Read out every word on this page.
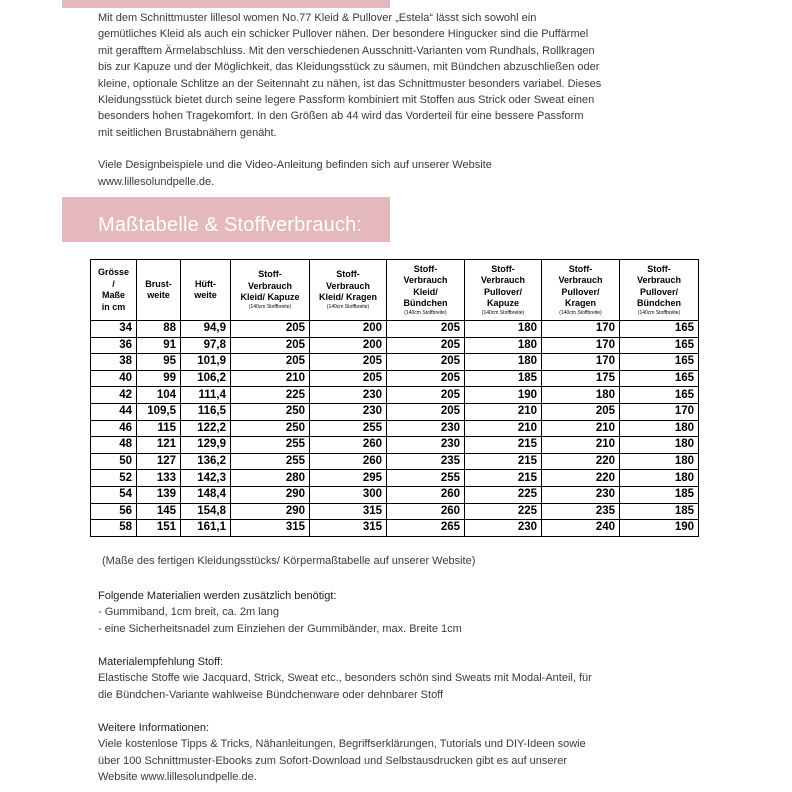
Mit dem Schnittmuster lillesol women No.77 Kleid & Pullover „Estela“ lässt sich sowohl ein
gemütliches Kleid als auch ein schicker Pullover nähen. Der besondere Hingucker sind die Puffärmel
mit gerafftem Ärmelabschluss. Mit den verschiedenen Ausschnitt-Varianten vom Rundhals, Rollkragen
bis zur Kapuze und der Möglichkeit, das Kleidungsstück zu säumen, mit Bündchen abzuschließen oder
kleine, optionale Schlitze an der Seitennaht zu nähen, ist das Schnittmuster besonders variabel. Dieses
Kleidungsstück bietet durch seine legere Passform kombiniert mit Stoffen aus Strick oder Sweat einen
besonders hohen Tragekomfort. In den Größen ab 44 wird das Vorderteil für eine bessere Passform
mit seitlichen Brustabnähern genäht.

Viele Designbeispiele und die Video-Anleitung befinden sich auf unserer Website
www.lillesolundpelle.de.

Maßtabelle & Stoffverbrauch:
Grösse
/
Maße
in cm	Brust-
weite	Hüft-
weite	Stoff-
Verbrauch
Kleid/ Kapuze

(140cm Stoffbreite)	Stoff-
Verbrauch
Kleid/ Kragen

(140cm Stoffbreite)	Stoff-
Verbrauch
Kleid/
Bündchen

(140cm Stoffbreite)	Stoff-
Verbrauch
Pullover/
Kapuze

(140cm Stoffbreite)	Stoff-
Verbrauch
Pullover/
Kragen

(140cm Stoffbreite)	Stoff-
Verbrauch
Pullover/
Bündchen

(140cm Stoffbreite)

34	88	94,9	205	200	205	180	170	165
36	91	97,8	205	200	205	180	170	165
38	95	101,9	205	205	205	180	170	165
40	99	106,2	210	205	205	185	175	165
42	104	111,4	225	230	205	190	180	165
44	109,5	116,5	250	230	205	210	205	170
46	115	122,2	250	255	230	210	210	180
48	121	129,9	255	260	230	215	210	180
50	127	136,2	255	260	235	215	220	180
52	133	142,3	280	295	255	215	220	180
54	139	148,4	290	300	260	225	230	185
56	145	154,8	290	315	260	225	235	185
58	151	161,1	315	315	265	230	240	190
(Maße des fertigen Kleidungsstücks/ Körpermaßtabelle auf unserer Website)
Folgende Materialien werden zusätzlich benötigt:
- Gummiband, 1cm breit, ca. 2m lang
- eine Sicherheitsnadel zum Einziehen der Gummibänder, max. Breite 1cm
Materialempfehlung Stoff:
Elastische Stoffe wie Jacquard, Strick, Sweat etc., besonders schön sind Sweats mit Modal-Anteil, für
die Bündchen-Variante wahlweise Bündchenware oder dehnbarer Stoff
Weitere Informationen:
Viele kostenlose Tipps & Tricks, Nähanleitungen, Begriffserklärungen, Tutorials und DIY-Ideen sowie
über 100 Schnittmuster-Ebooks zum Sofort-Download und Selbstausdrucken gibt es auf unserer
Website www.lillesolundpelle.de.
